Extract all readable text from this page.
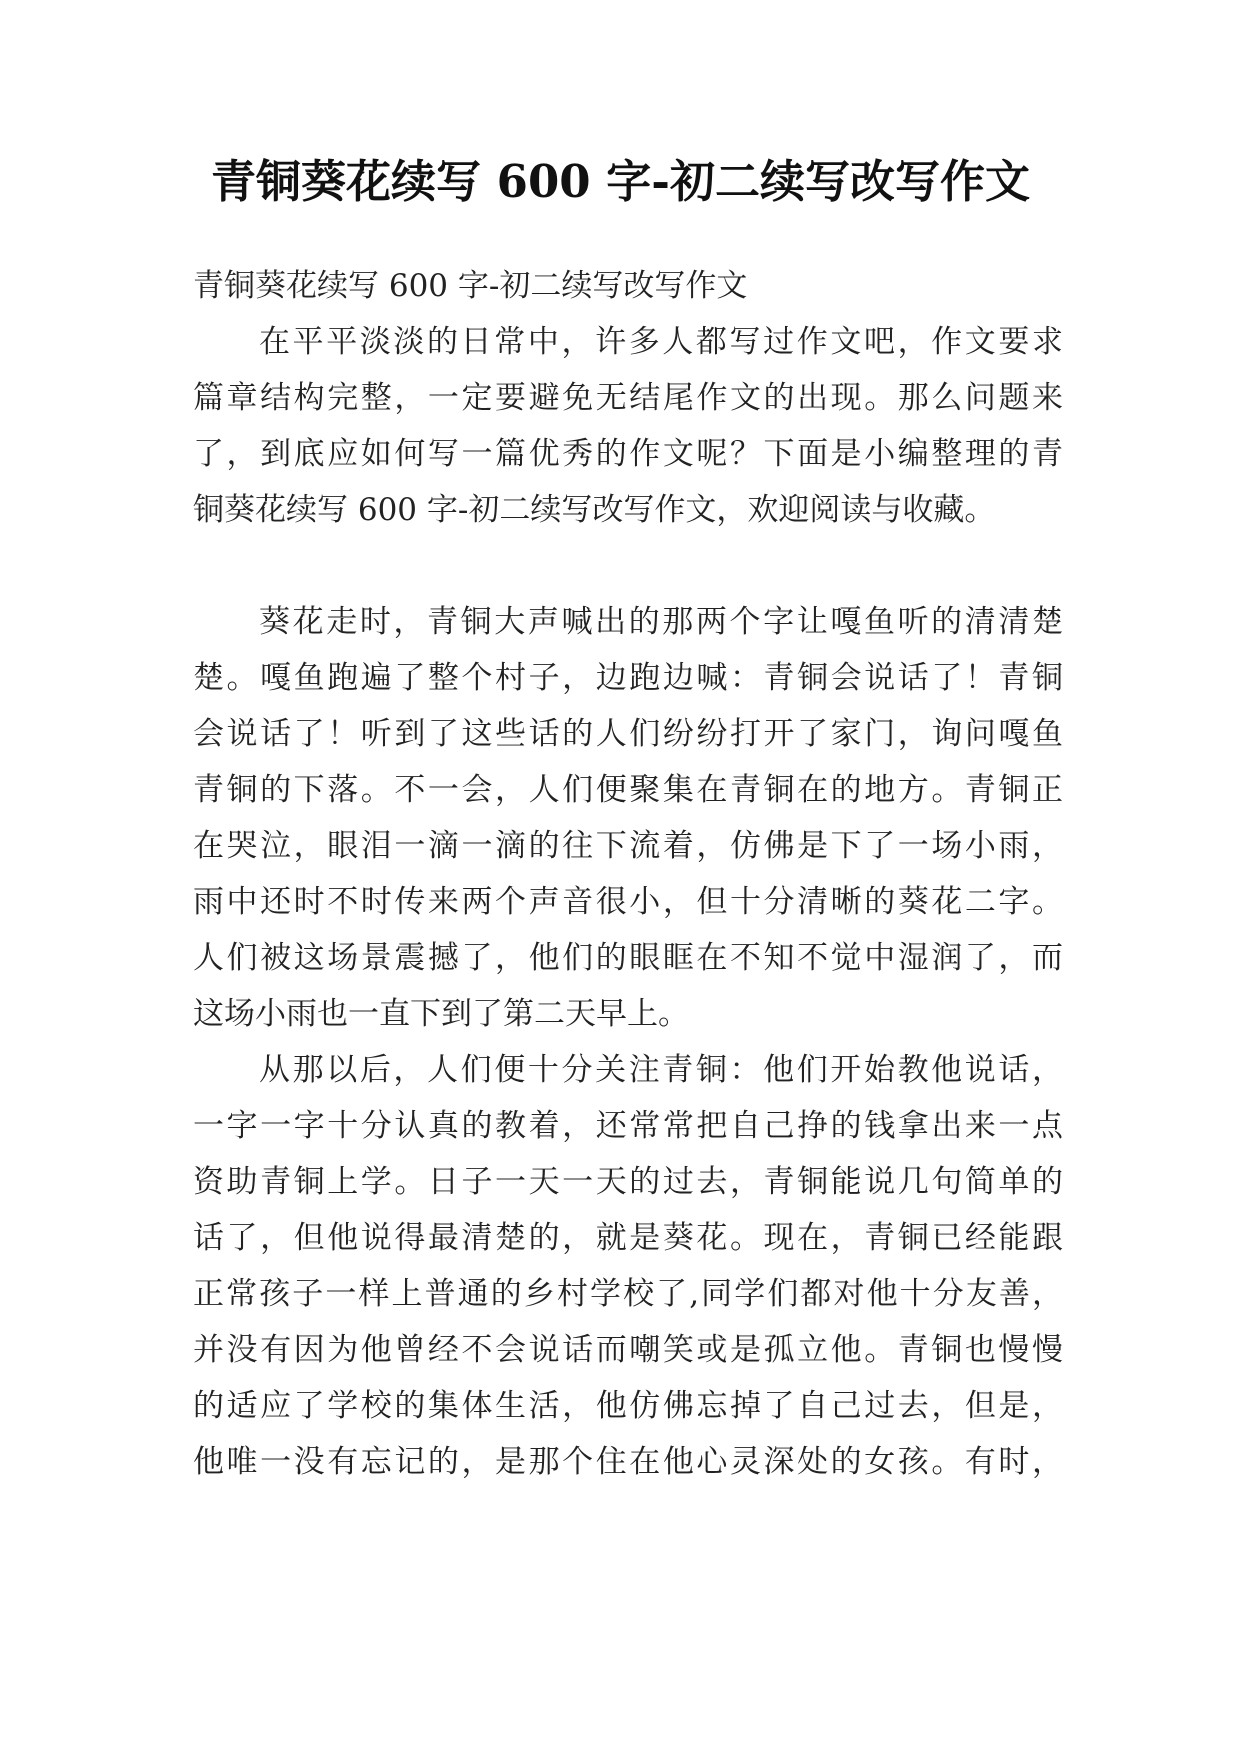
青铜葵花续写 600 字-初二续写改写作文
青铜葵花续写 600 字-初二续写改写作文
在平平淡淡的日常中，许多人都写过作文吧，作文要求
篇章结构完整，一定要避免无结尾作文的出现。那么问题来
了，到底应如何写一篇优秀的作文呢？下面是小编整理的青
铜葵花续写 600 字-初二续写改写作文，欢迎阅读与收藏。
葵花走时，青铜大声喊出的那两个字让嘎鱼听的清清楚
楚。嘎鱼跑遍了整个村子，边跑边喊：青铜会说话了！青铜
会说话了！听到了这些话的人们纷纷打开了家门，询问嘎鱼
青铜的下落。不一会，人们便聚集在青铜在的地方。青铜正
在哭泣，眼泪一滴一滴的往下流着，仿佛是下了一场小雨，
雨中还时不时传来两个声音很小，但十分清晰的葵花二字。
人们被这场景震撼了，他们的眼眶在不知不觉中湿润了，而
这场小雨也一直下到了第二天早上。
从那以后，人们便十分关注青铜：他们开始教他说话，
一字一字十分认真的教着，还常常把自己挣的钱拿出来一点
资助青铜上学。日子一天一天的过去，青铜能说几句简单的
话了，但他说得最清楚的，就是葵花。现在，青铜已经能跟
正常孩子一样上普通的乡村学校了,同学们都对他十分友善，
并没有因为他曾经不会说话而嘲笑或是孤立他。青铜也慢慢
的适应了学校的集体生活，他仿佛忘掉了自己过去，但是，
他唯一没有忘记的，是那个住在他心灵深处的女孩。有时，
